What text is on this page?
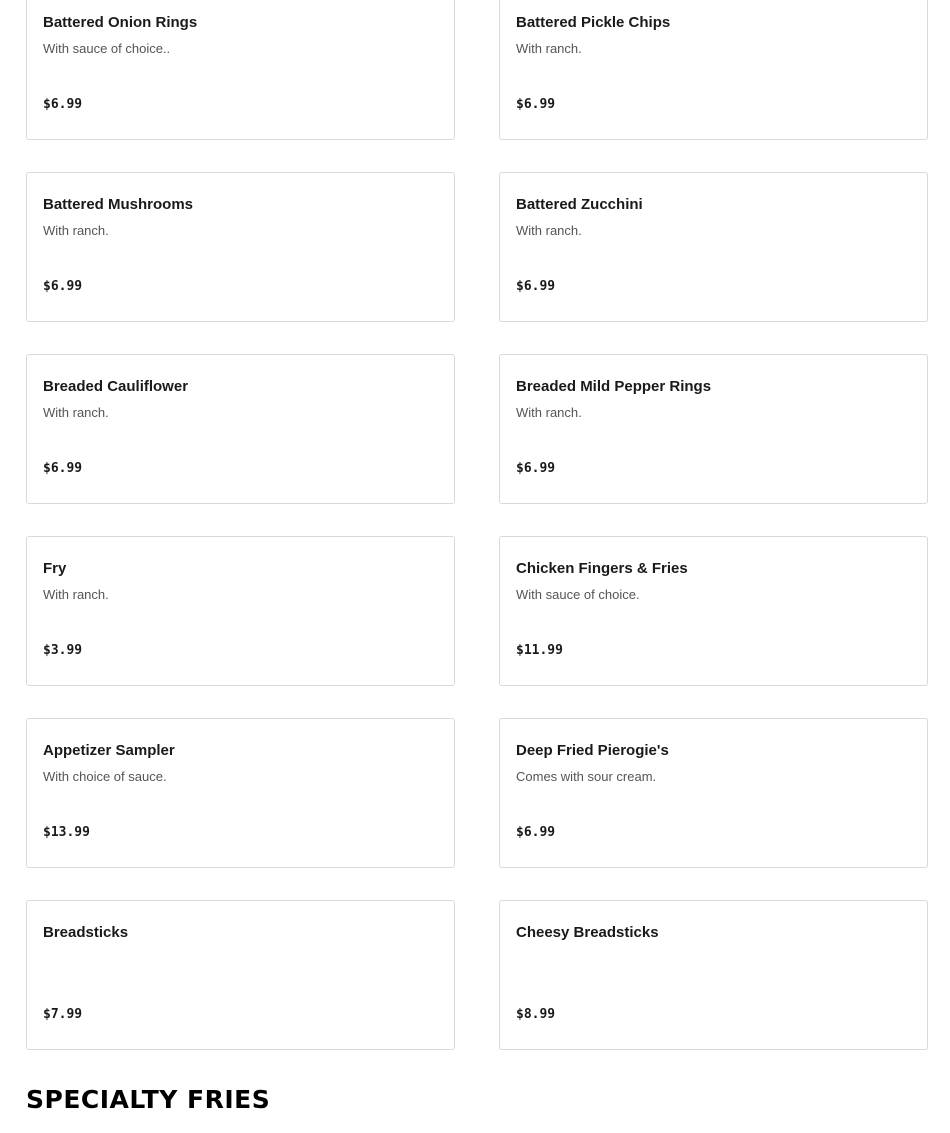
Battered Onion Rings
With sauce of choice..
$6.99
Battered Pickle Chips
With ranch.
$6.99
Battered Mushrooms
With ranch.
$6.99
Battered Zucchini
With ranch.
$6.99
Breaded Cauliflower
With ranch.
$6.99
Breaded Mild Pepper Rings
With ranch.
$6.99
Fry
With ranch.
$3.99
Chicken Fingers & Fries
With sauce of choice.
$11.99
Appetizer Sampler
With choice of sauce.
$13.99
Deep Fried Pierogie's
Comes with sour cream.
$6.99
Breadsticks
$7.99
Cheesy Breadsticks
$8.99
SPECIALTY FRIES
